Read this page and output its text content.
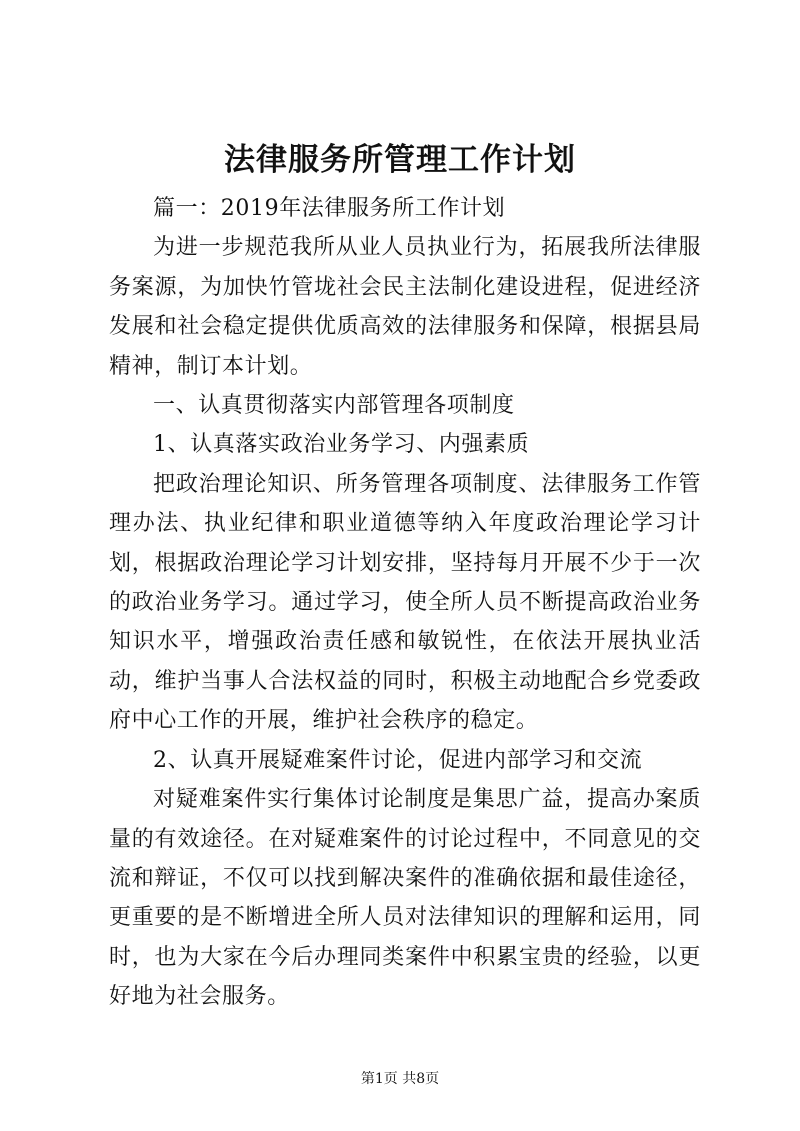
法律服务所管理工作计划

篇一：2019年法律服务所工作计划

为进一步规范我所从业人员执业行为，拓展我所法律服务案源，为加快竹管垅社会民主法制化建设进程，促进经济发展和社会稳定提供优质高效的法律服务和保障，根据县局精神，制订本计划。

一、认真贯彻落实内部管理各项制度

1、认真落实政治业务学习、内强素质

把政治理论知识、所务管理各项制度、法律服务工作管理办法、执业纪律和职业道德等纳入年度政治理论学习计划，根据政治理论学习计划安排，坚持每月开展不少于一次的政治业务学习。通过学习，使全所人员不断提高政治业务知识水平，增强政治责任感和敏锐性，在依法开展执业活动，维护当事人合法权益的同时，积极主动地配合乡党委政府中心工作的开展，维护社会秩序的稳定。

2、认真开展疑难案件讨论，促进内部学习和交流

对疑难案件实行集体讨论制度是集思广益，提高办案质量的有效途径。在对疑难案件的讨论过程中，不同意见的交流和辩证，不仅可以找到解决案件的准确依据和最佳途径，更重要的是不断增进全所人员对法律知识的理解和运用，同时，也为大家在今后办理同类案件中积累宝贵的经验，以更好地为社会服务。

第1页 共8页
